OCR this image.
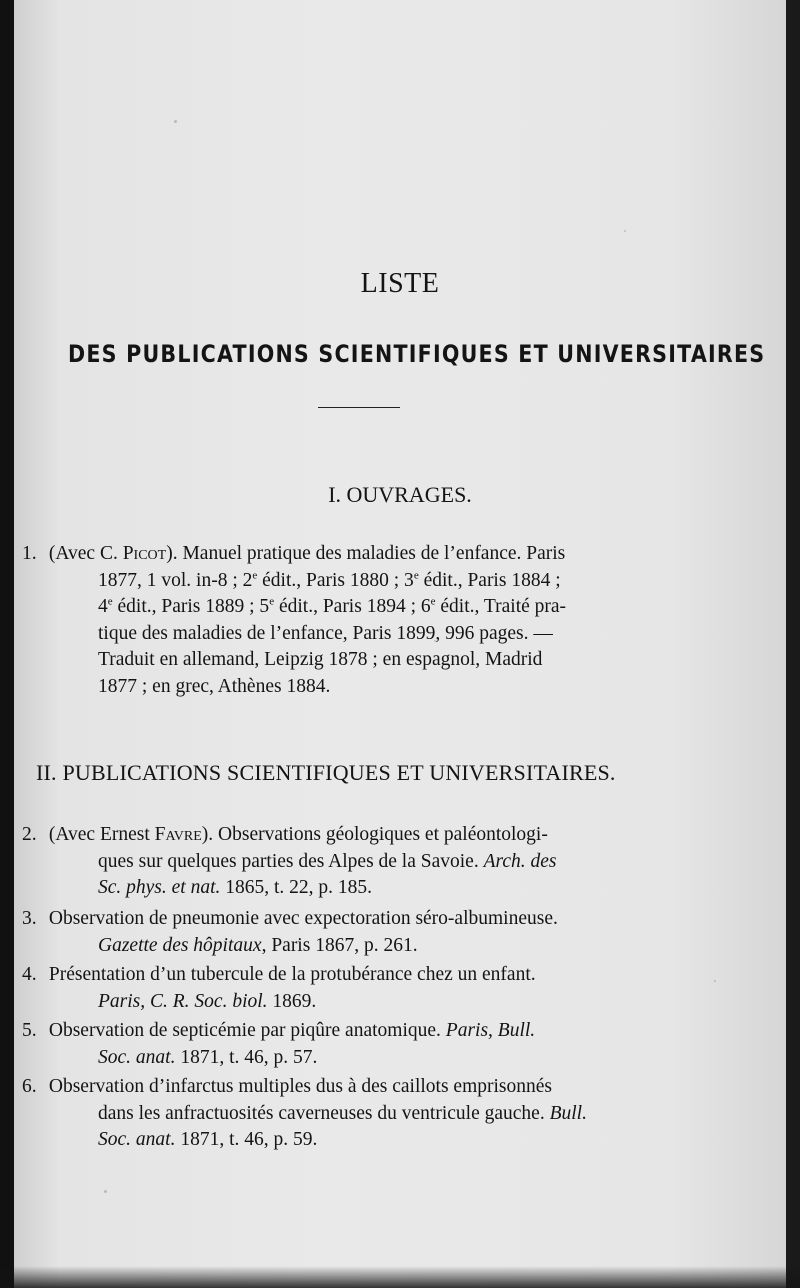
LISTE
DES PUBLICATIONS SCIENTIFIQUES ET UNIVERSITAIRES
I. OUVRAGES.
1. (Avec C. Picot). Manuel pratique des maladies de l’enfance. Paris
1877, 1 vol. in-8 ; 2e édit., Paris 1880 ; 3e édit., Paris 1884 ;
4e édit., Paris 1889 ; 5e édit., Paris 1894 ; 6e édit., Traité pra-
tique des maladies de l’enfance, Paris 1899, 996 pages. —
Traduit en allemand, Leipzig 1878 ; en espagnol, Madrid
1877 ; en grec, Athènes 1884.
II. PUBLICATIONS SCIENTIFIQUES ET UNIVERSITAIRES.
2. (Avec Ernest Favre). Observations géologiques et paléontologi-
ques sur quelques parties des Alpes de la Savoie. Arch. des
Sc. phys. et nat. 1865, t. 22, p. 185.
3. Observation de pneumonie avec expectoration séro-albumineuse.
Gazette des hôpitaux, Paris 1867, p. 261.
4. Présentation d’un tubercule de la protubérance chez un enfant.
Paris, C. R. Soc. biol. 1869.
5. Observation de septicémie par piqûre anatomique. Paris, Bull.
Soc. anat. 1871, t. 46, p. 57.
6. Observation d’infarctus multiples dus à des caillots emprisonnés
dans les anfractuosités caverneuses du ventricule gauche. Bull.
Soc. anat. 1871, t. 46, p. 59.
